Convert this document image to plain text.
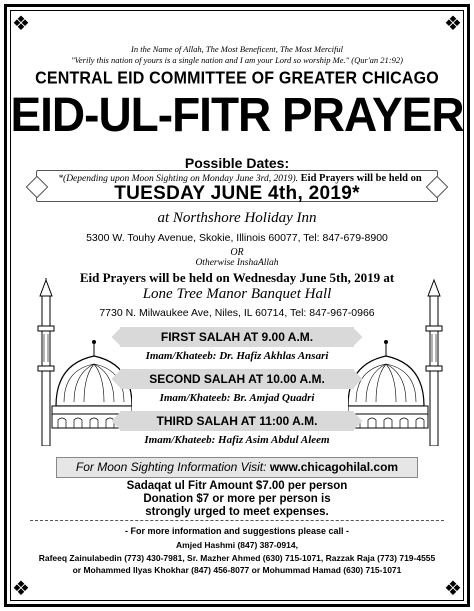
❖	❖
❖	❖
In the Name of Allah, The Most Beneficent, The Most Merciful
"Verily this nation of yours is a single nation and I am your Lord so worship Me." (Qur'an 21:92)
CENTRAL EID COMMITTEE OF GREATER CHICAGO
EID-UL-FITR PRAYER
Possible Dates:
*(Depending upon Moon Sighting on Monday June 3rd, 2019). Eid Prayers will be held on
TUESDAY JUNE 4th, 2019*
at Northshore Holiday Inn
5300 W. Touhy Avenue, Skokie, Illinois 60077, Tel: 847-679-8900
OR
Otherwise InshaAllah
Eid Prayers will be held on Wednesday June 5th, 2019 at
Lone Tree Manor Banquet Hall
7730 N. Milwaukee Ave, Niles, IL 60714, Tel: 847-967-0966
FIRST SALAH AT 9.00 A.M.
Imam/Khateeb: Dr. Hafiz Akhlas Ansari
SECOND SALAH AT 10.00 A.M.
Imam/Khateeb: Br. Amjad Quadri
THIRD SALAH AT 11:00 A.M.
Imam/Khateeb: Hafiz Asim Abdul Aleem
For Moon Sighting Information Visit: www.chicagohilal.com
Sadaqat ul Fitr Amount $7.00 per person
Donation $7 or more per person is
strongly urged to meet expenses.
- For more information and suggestions please call -
Amjed Hashmi (847) 387-0914,
Rafeeq Zainulabedin (773) 430-7981, Sr. Mazher Ahmed (630) 715-1071, Razzak Raja (773) 719-4555
or Mohammed Ilyas Khokhar (847) 456-8077 or Mohummad Hamad (630) 715-1071
